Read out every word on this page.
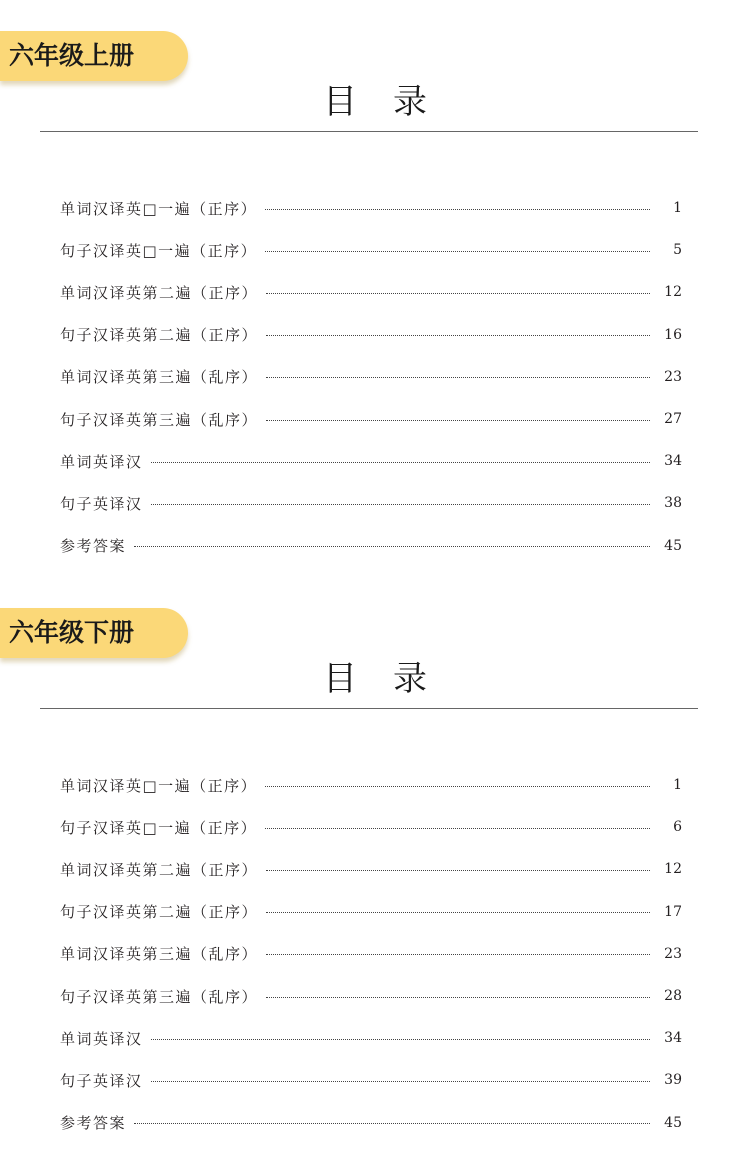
六年级上册
目录
单词汉译英□一遍（正序）	1
句子汉译英□一遍（正序）	5
单词汉译英第二遍（正序）	12
句子汉译英第二遍（正序）	16
单词汉译英第三遍（乱序）	23
句子汉译英第三遍（乱序）	27
单词英译汉	34
句子英译汉	38
参考答案	45
六年级下册
目录
单词汉译英□一遍（正序）	1
句子汉译英□一遍（正序）	6
单词汉译英第二遍（正序）	12
句子汉译英第二遍（正序）	17
单词汉译英第三遍（乱序）	23
句子汉译英第三遍（乱序）	28
单词英译汉	34
句子英译汉	39
参考答案	45
